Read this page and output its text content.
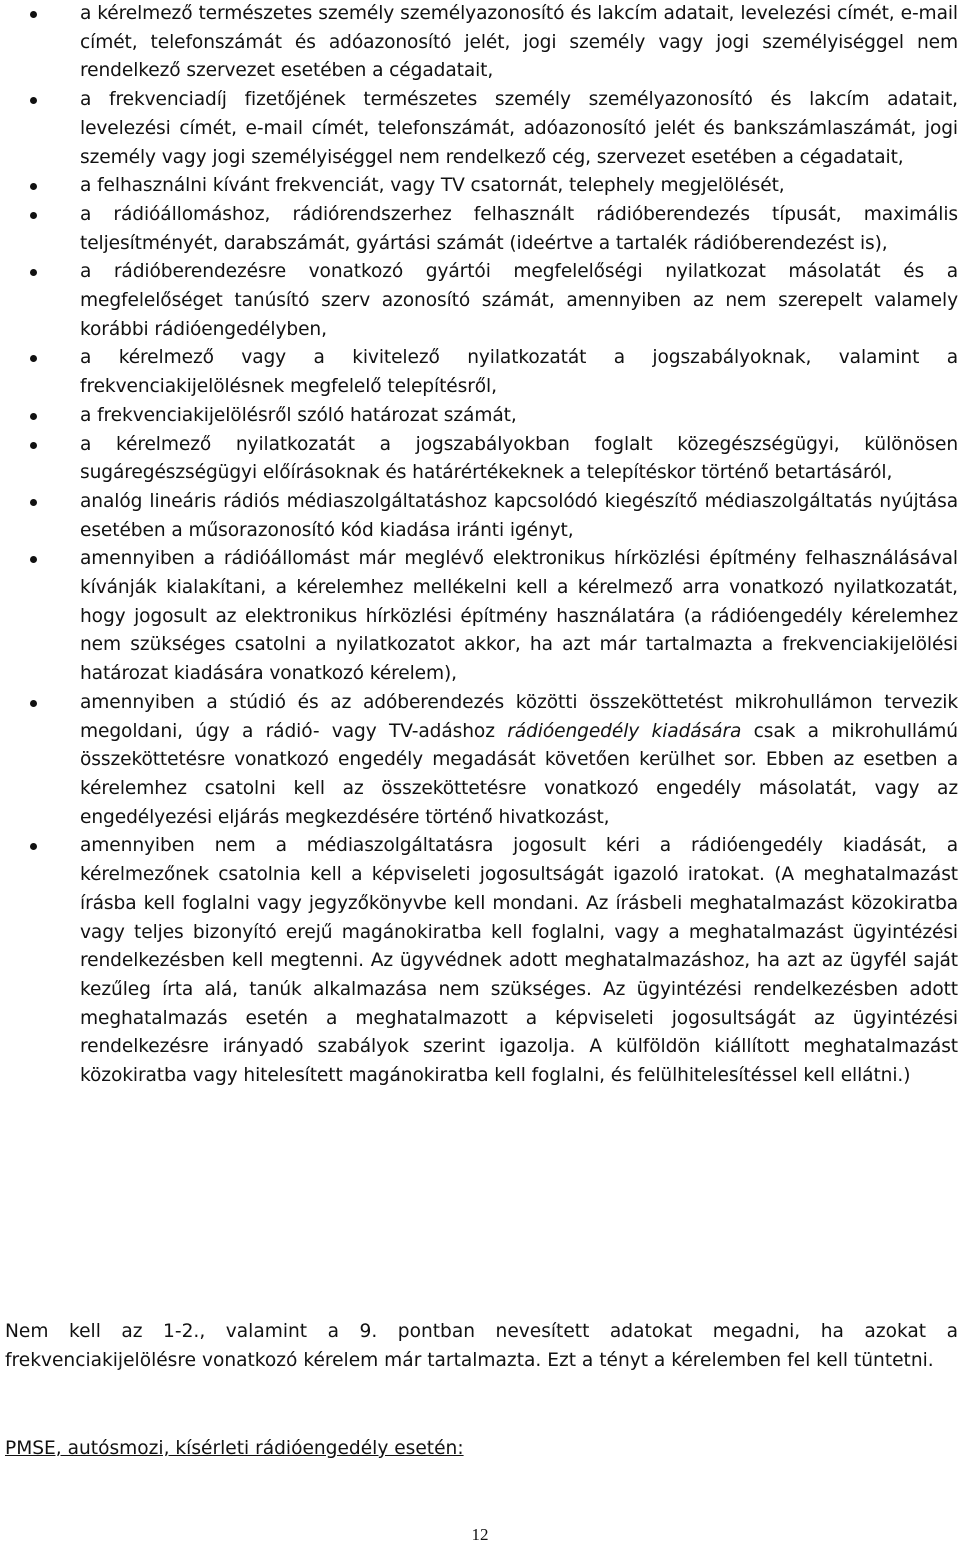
a kérelmező természetes személy személyazonosító és lakcím adatait, levelezési címét, e-mail címét, telefonszámát és adóazonosító jelét, jogi személy vagy jogi személyiséggel nem rendelkező szervezet esetében a cégadatait,
a frekvenciadíj fizetőjének természetes személy személyazonosító és lakcím adatait, levelezési címét, e-mail címét, telefonszámát, adóazonosító jelét és bankszámlaszámát, jogi személy vagy jogi személyiséggel nem rendelkező cég, szervezet esetében a cégadatait,
a felhasználni kívánt frekvenciát, vagy TV csatornát, telephely megjelölését,
a rádióállomáshoz, rádiórendszerhez felhasznált rádióberendezés típusát, maximális teljesítményét, darabszámát, gyártási számát (ideértve a tartalék rádióberendezést is),
a rádióberendezésre vonatkozó gyártói megfelelőségi nyilatkozat másolatát és a megfelelőséget tanúsító szerv azonosító számát, amennyiben az nem szerepelt valamely korábbi rádióengedélyben,
a kérelmező vagy a kivitelező nyilatkozatát a jogszabályoknak, valamint a frekvenciakijelölésnek megfelelő telepítésről,
a frekvenciakijelölésről szóló határozat számát,
a kérelmező nyilatkozatát a jogszabályokban foglalt közegészségügyi, különösen sugáregészségügyi előírásoknak és határértékeknek a telepítéskor történő betartásáról,
analóg lineáris rádiós médiaszolgáltatáshoz kapcsolódó kiegészítő médiaszolgáltatás nyújtása esetében a műsorazonosító kód kiadása iránti igényt,
amennyiben a rádióállomást már meglévő elektronikus hírközlési építmény felhasználásával kívánják kialakítani, a kérelemhez mellékelni kell a kérelmező arra vonatkozó nyilatkozatát, hogy jogosult az elektronikus hírközlési építmény használatára (a rádióengedély kérelemhez nem szükséges csatolni a nyilatkozatot akkor, ha azt már tartalmazta a frekvenciakijelölési határozat kiadására vonatkozó kérelem),
amennyiben a stúdió és az adóberendezés közötti összeköttetést mikrohullámon tervezik megoldani, úgy a rádió- vagy TV-adáshoz rádióengedély kiadására csak a mikrohullámú összeköttetésre vonatkozó engedély megadását követően kerülhet sor. Ebben az esetben a kérelemhez csatolni kell az összeköttetésre vonatkozó engedély másolatát, vagy az engedélyezési eljárás megkezdésére történő hivatkozást,
amennyiben nem a médiaszolgáltatásra jogosult kéri a rádióengedély kiadását, a kérelmezőnek csatolnia kell a képviseleti jogosultságát igazoló iratokat. (A meghatalmazást írásba kell foglalni vagy jegyzőkönyvbe kell mondani. Az írásbeli meghatalmazást közokiratba vagy teljes bizonyító erejű magánokiratba kell foglalni, vagy a meghatalmazást ügyintézési rendelkezésben kell megtenni. Az ügyvédnek adott meghatalmazáshoz, ha azt az ügyfél saját kezűleg írta alá, tanúk alkalmazása nem szükséges. Az ügyintézési rendelkezésben adott meghatalmazás esetén a meghatalmazott a képviseleti jogosultságát az ügyintézési rendelkezésre irányadó szabályok szerint igazolja. A külföldön kiállított meghatalmazást közokiratba vagy hitelesített magánokiratba kell foglalni, és felülhitelesítéssel kell ellátni.)

Nem kell az 1-2., valamint a 9. pontban nevesített adatokat megadni, ha azokat a frekvenciakijelölésre vonatkozó kérelem már tartalmazta. Ezt a tényt a kérelemben fel kell tüntetni.

PMSE, autósmozi, kísérleti rádióengedély esetén:

12
